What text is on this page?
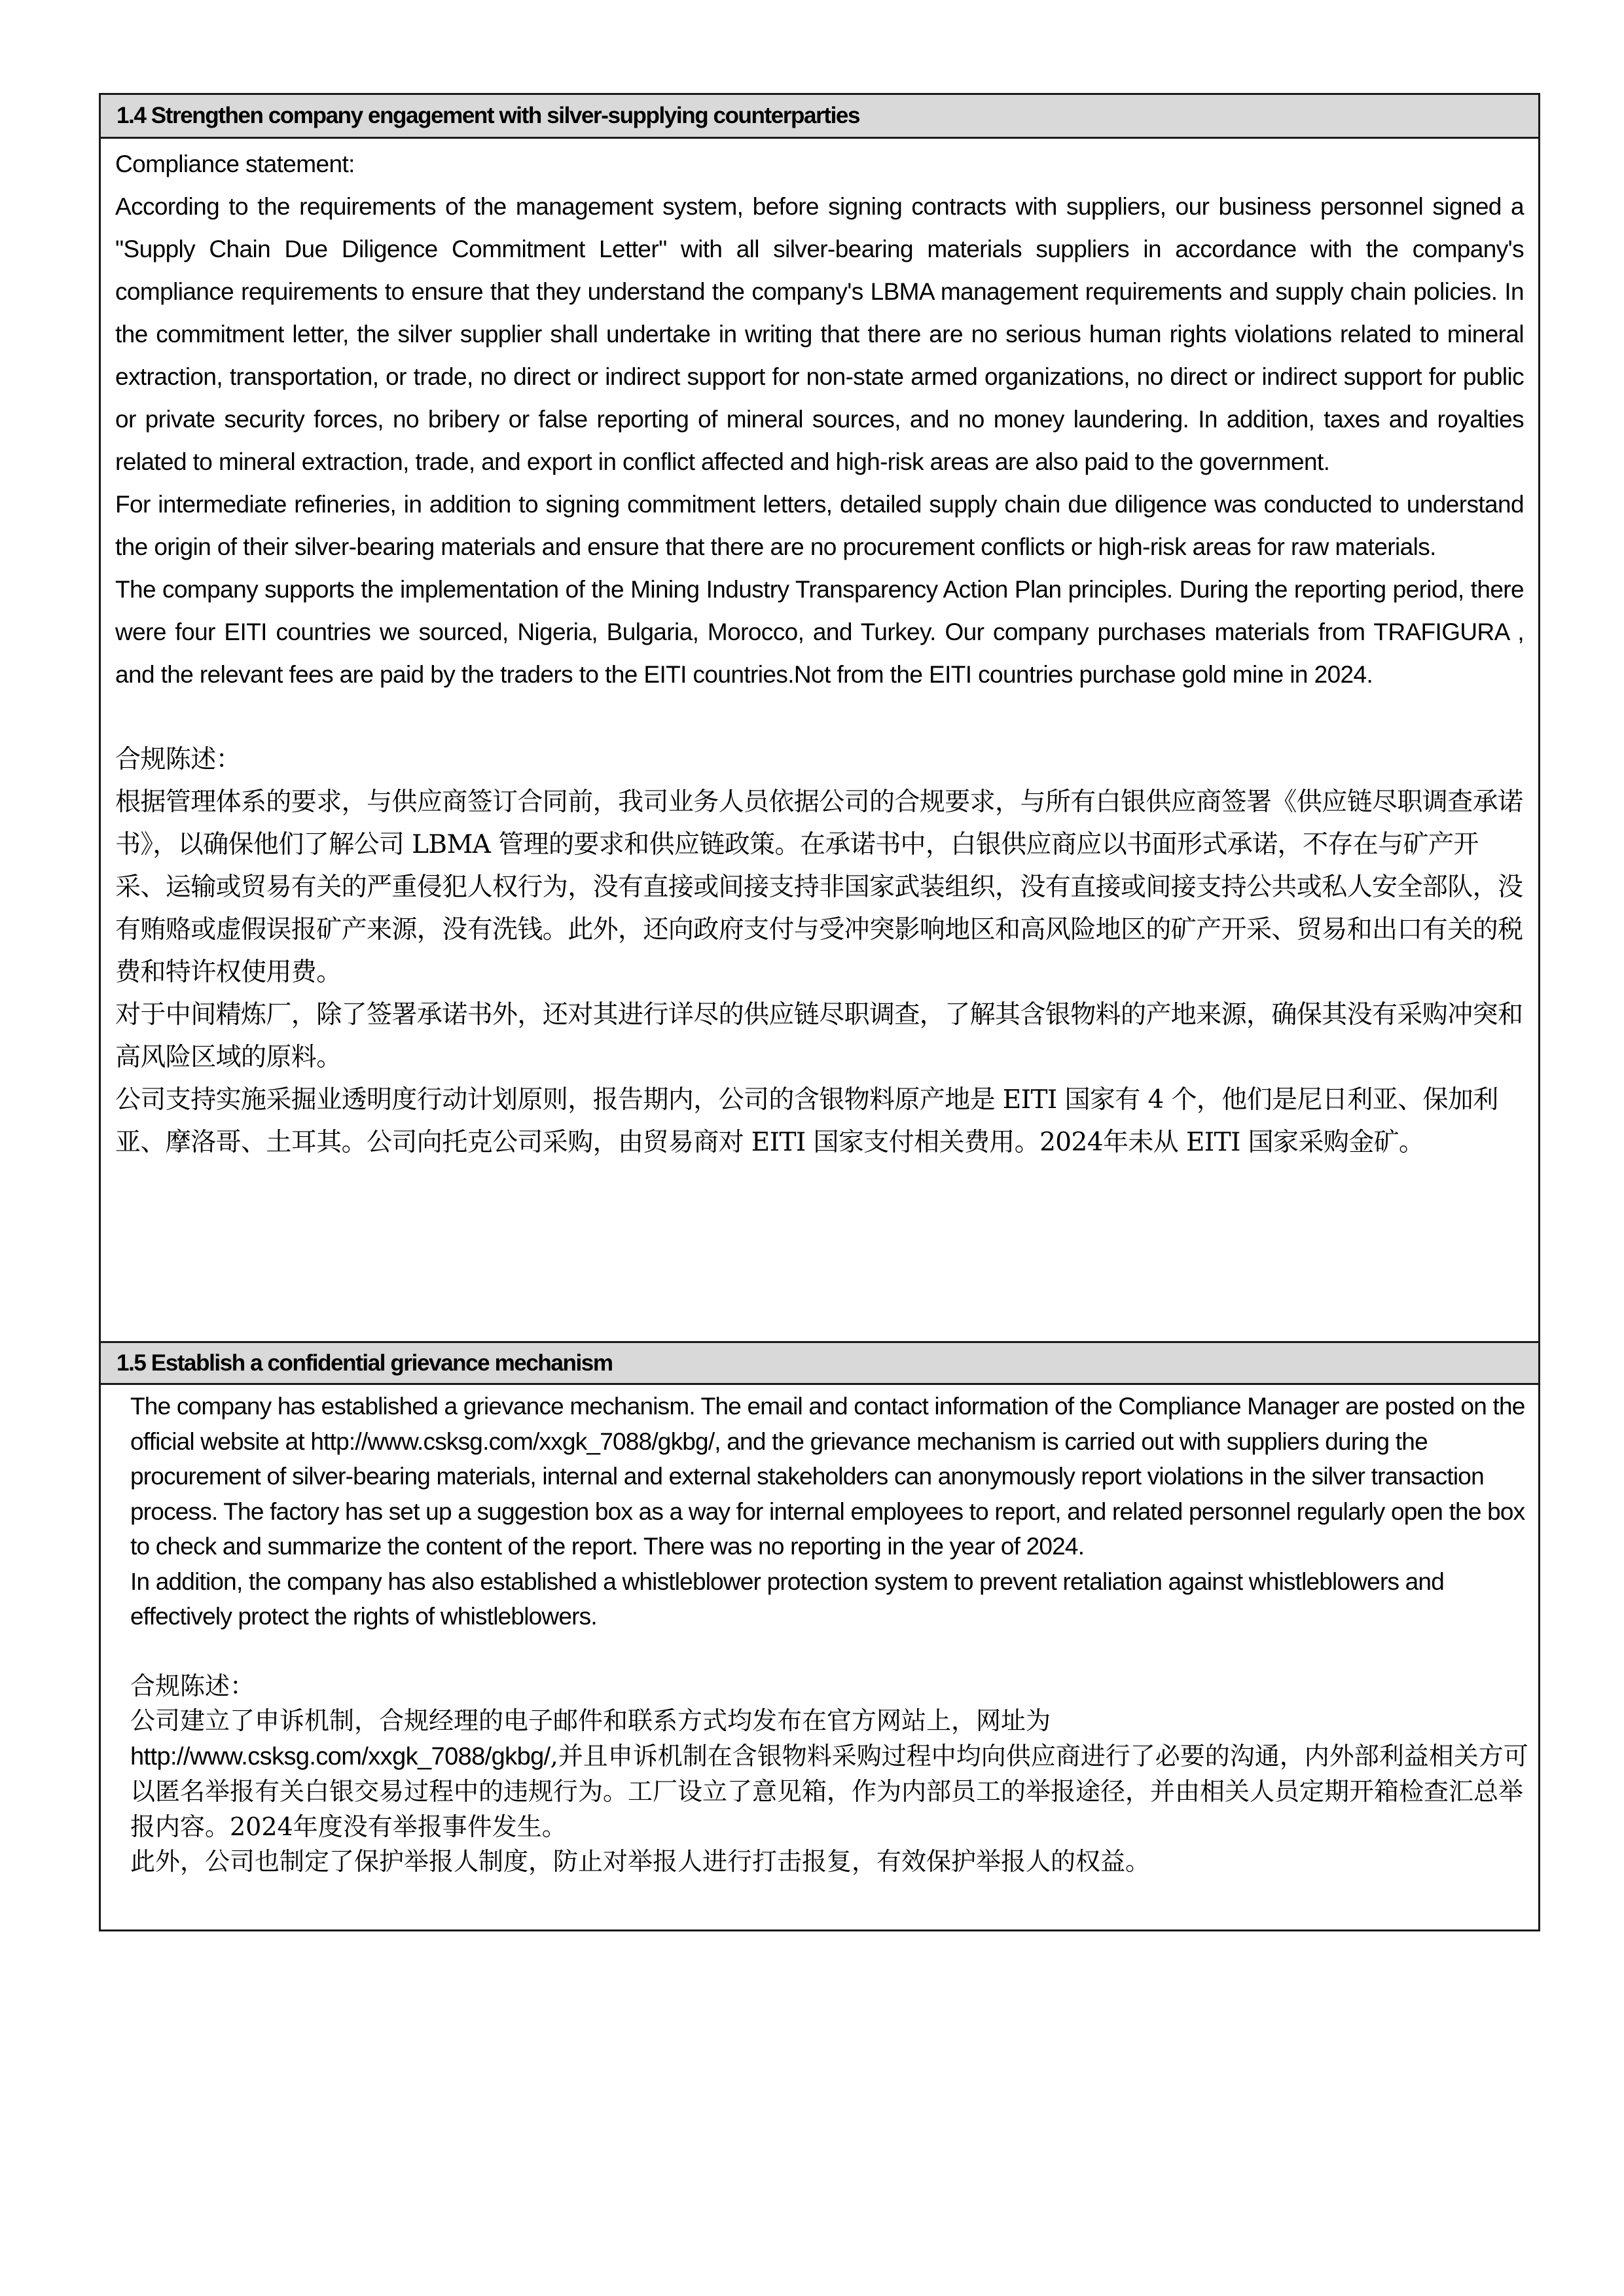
1.4 Strengthen company engagement with silver-supplying counterparties

Compliance statement:

According to the requirements of the management system, before signing contracts with suppliers, our business personnel signed a "Supply Chain Due Diligence Commitment Letter" with all silver-bearing materials suppliers in accordance with the company's compliance requirements to ensure that they understand the company's LBMA management requirements and supply chain policies. In the commitment letter, the silver supplier shall undertake in writing that there are no serious human rights violations related to mineral extraction, transportation, or trade, no direct or indirect support for non-state armed organizations, no direct or indirect support for public or private security forces, no bribery or false reporting of mineral sources, and no money laundering. In addition, taxes and royalties related to mineral extraction, trade, and export in conflict affected and high-risk areas are also paid to the government.

For intermediate refineries, in addition to signing commitment letters, detailed supply chain due diligence was conducted to understand the origin of their silver-bearing materials and ensure that there are no procurement conflicts or high-risk areas for raw materials.

The company supports the implementation of the Mining Industry Transparency Action Plan principles. During the reporting period, there were four EITI countries we sourced, Nigeria, Bulgaria, Morocco, and Turkey. Our company purchases materials from TRAFIGURA , and the relevant fees are paid by the traders to the EITI countries.Not from the EITI countries purchase gold mine in 2024.

合规陈述：

根据管理体系的要求，与供应商签订合同前，我司业务人员依据公司的合规要求，与所有白银供应商签署《供应链尽职调查承诺书》，以确保他们了解公司 LBMA 管理的要求和供应链政策。在承诺书中，白银供应商应以书面形式承诺，不存在与矿产开采、运输或贸易有关的严重侵犯人权行为，没有直接或间接支持非国家武装组织，没有直接或间接支持公共或私人安全部队，没有贿赂或虚假误报矿产来源，没有洗钱。此外，还向政府支付与受冲突影响地区和高风险地区的矿产开采、贸易和出口有关的税费和特许权使用费。

对于中间精炼厂，除了签署承诺书外，还对其进行详尽的供应链尽职调查，了解其含银物料的产地来源，确保其没有采购冲突和高风险区域的原料。

公司支持实施采掘业透明度行动计划原则，报告期内，公司的含银物料原产地是 EITI 国家有 4 个，他们是尼日利亚、保加利亚、摩洛哥、土耳其。公司向托克公司采购，由贸易商对 EITI 国家支付相关费用。2024年未从 EITI 国家采购金矿。

1.5 Establish a confidential grievance mechanism

The company has established a grievance mechanism. The email and contact information of the Compliance Manager are posted on the official website at http://www.csksg.com/xxgk_7088/gkbg/, and the grievance mechanism is carried out with suppliers during the procurement of silver-bearing materials, internal and external stakeholders can anonymously report violations in the silver transaction process. The factory has set up a suggestion box as a way for internal employees to report, and related personnel regularly open the box to check and summarize the content of the report. There was no reporting in the year of 2024.

In addition, the company has also established a whistleblower protection system to prevent retaliation against whistleblowers and effectively protect the rights of whistleblowers.

合规陈述：

公司建立了申诉机制，合规经理的电子邮件和联系方式均发布在官方网站上，网址为
http://www.csksg.com/xxgk_7088/gkbg/,并且申诉机制在含银物料采购过程中均向供应商进行了必要的沟通，内外部利益相关方可以匿名举报有关白银交易过程中的违规行为。工厂设立了意见箱，作为内部员工的举报途径，并由相关人员定期开箱检查汇总举报内容。2024年度没有举报事件发生。

此外，公司也制定了保护举报人制度，防止对举报人进行打击报复，有效保护举报人的权益。
